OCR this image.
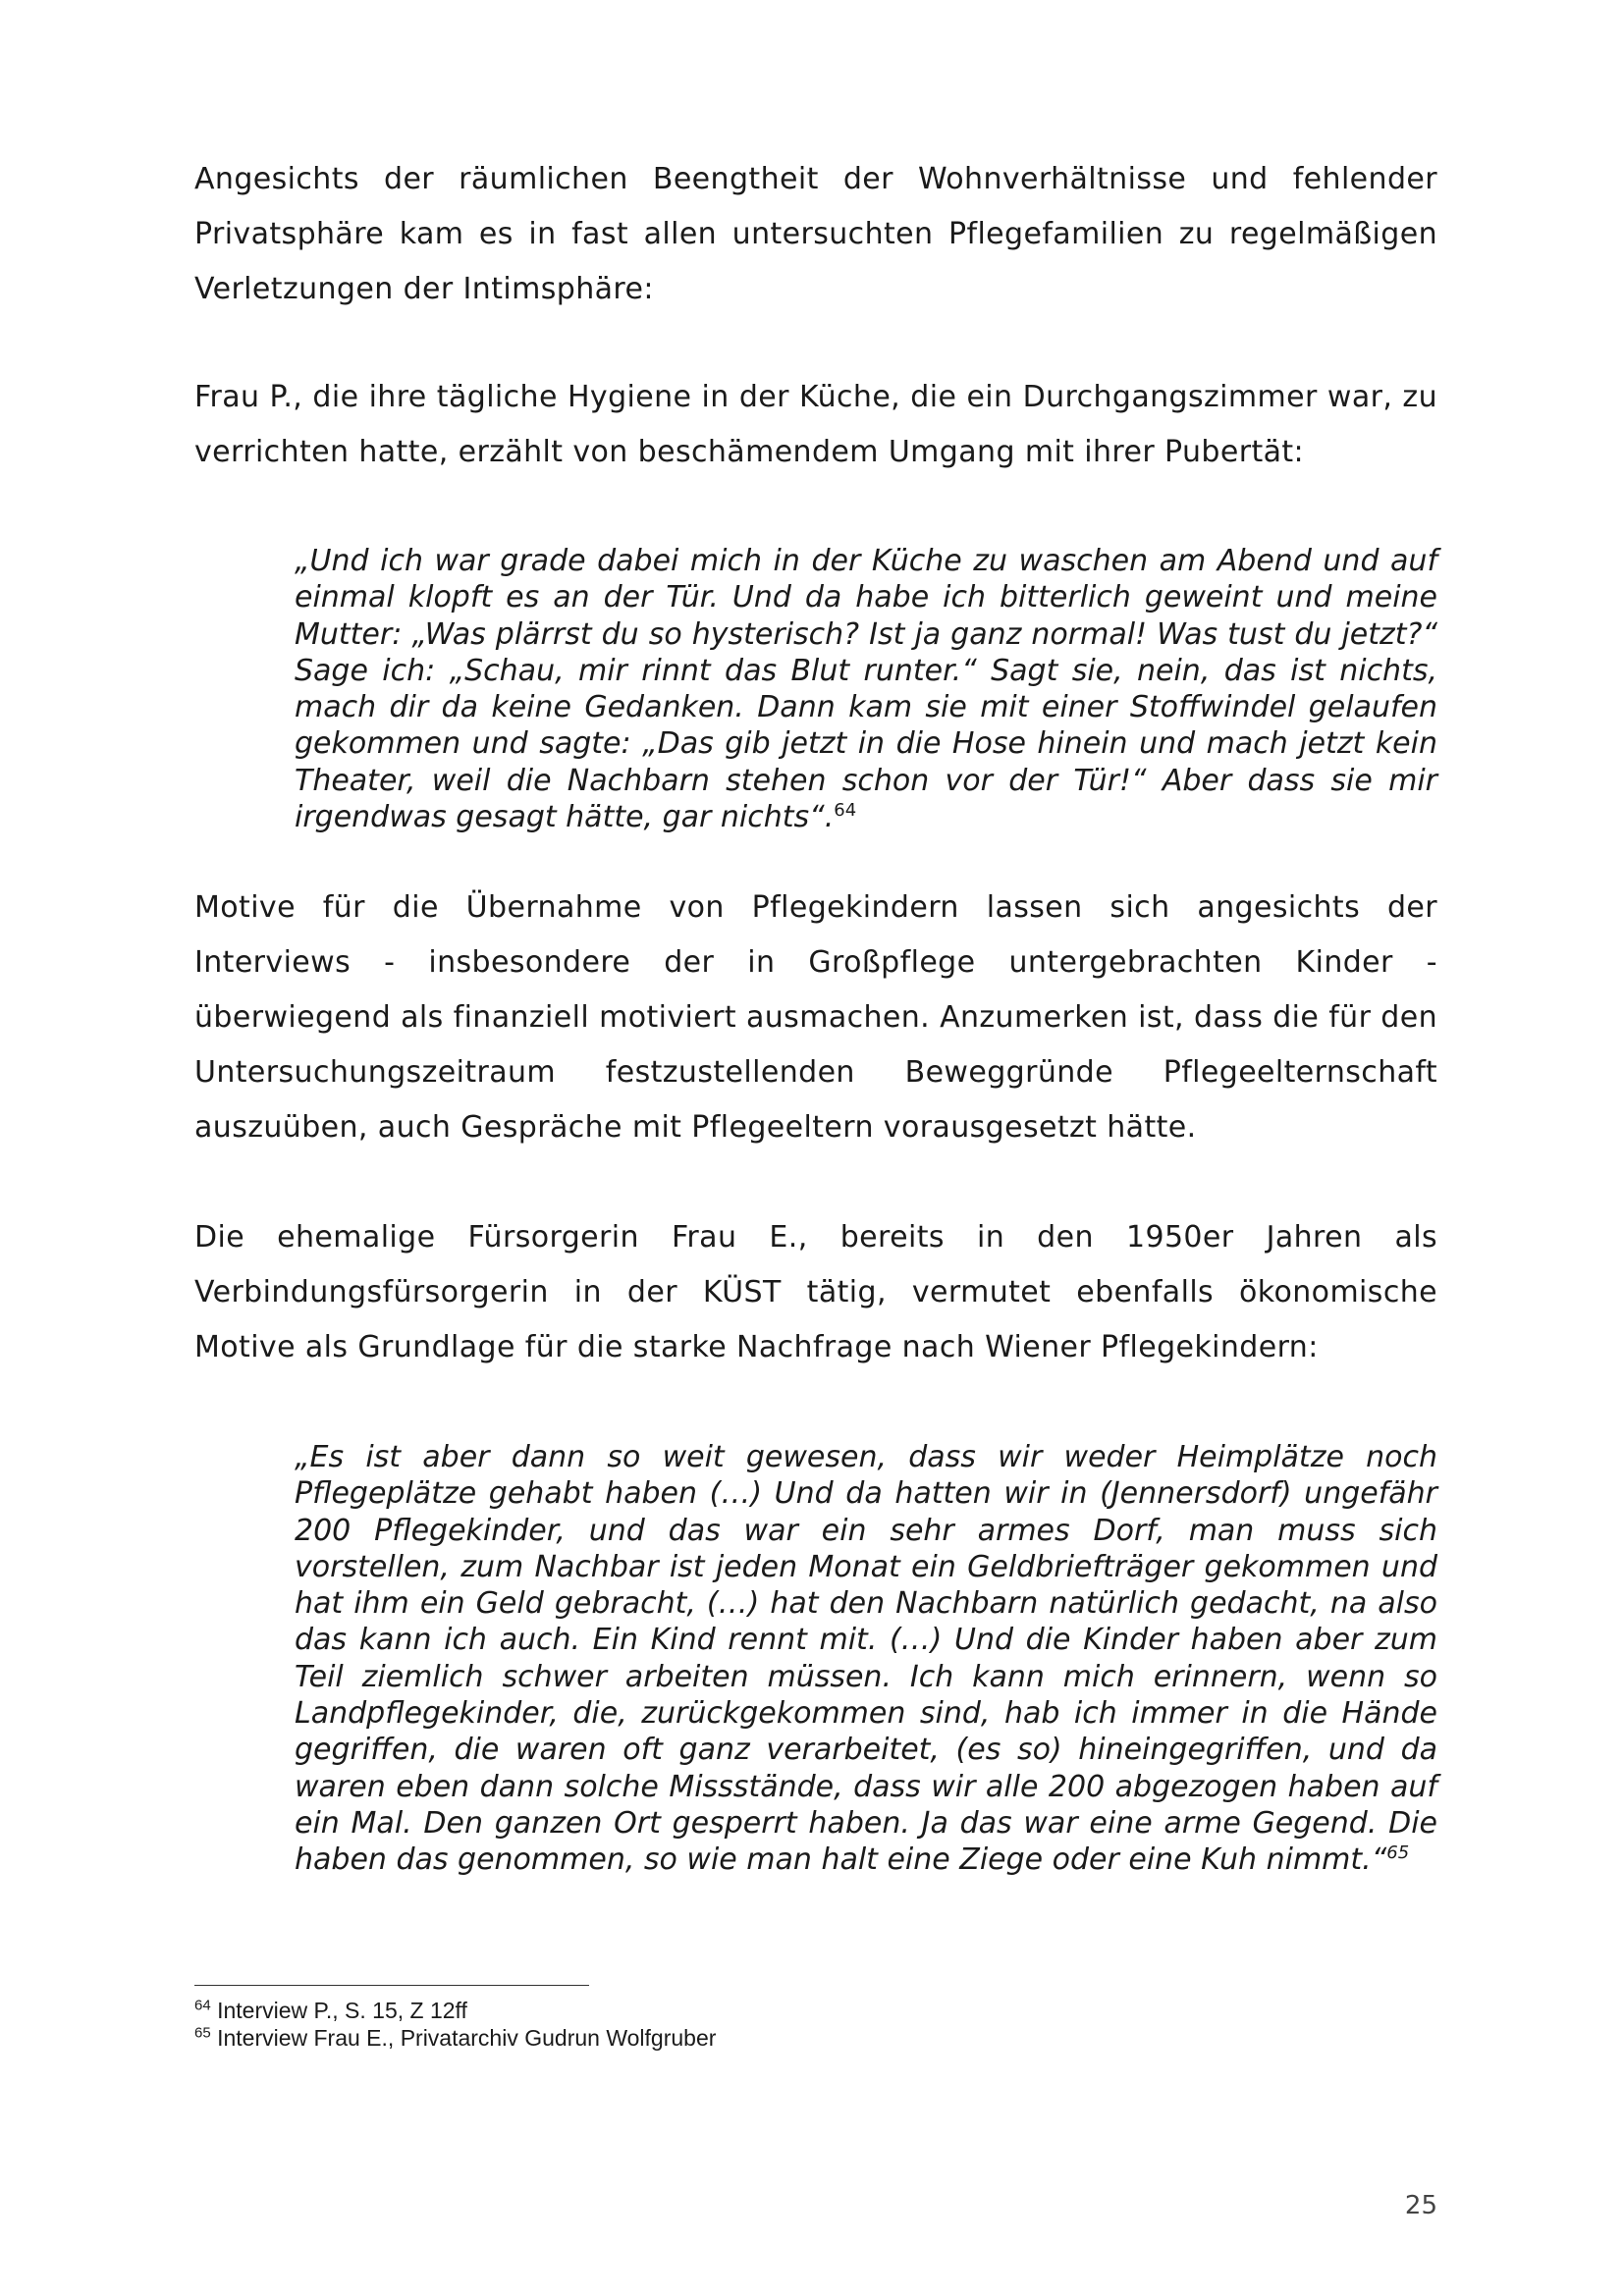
Angesichts der räumlichen Beengtheit der Wohnverhältnisse und fehlender Privatsphäre kam es in fast allen untersuchten Pflegefamilien zu regelmäßigen Verletzungen der Intimsphäre:

Frau P., die ihre tägliche Hygiene in der Küche, die ein Durchgangszimmer war, zu verrichten hatte, erzählt von beschämendem Umgang mit ihrer Pubertät:

„Und ich war grade dabei mich in der Küche zu waschen am Abend und auf einmal klopft es an der Tür. Und da habe ich bitterlich geweint und meine Mutter: „Was plärrst du so hysterisch? Ist ja ganz normal! Was tust du jetzt?“ Sage ich: „Schau, mir rinnt das Blut runter.“ Sagt sie, nein, das ist nichts, mach dir da keine Gedanken. Dann kam sie mit einer Stoffwindel gelaufen gekommen und sagte: „Das gib jetzt in die Hose hinein und mach jetzt kein Theater, weil die Nachbarn stehen schon vor der Tür!“ Aber dass sie mir irgendwas gesagt hätte, gar nichts“.$^{64}$

Motive für die Übernahme von Pflegekindern lassen sich angesichts der Interviews - insbesondere der in Großpflege untergebrachten Kinder - überwiegend als finanziell motiviert ausmachen. Anzumerken ist, dass die für den Untersuchungszeitraum festzustellenden Beweggründe Pflegeelternschaft auszuüben, auch Gespräche mit Pflegeeltern vorausgesetzt hätte.

Die ehemalige Fürsorgerin Frau E., bereits in den 1950er Jahren als Verbindungsfürsorgerin in der KÜST tätig, vermutet ebenfalls ökonomische Motive als Grundlage für die starke Nachfrage nach Wiener Pflegekindern:

„Es ist aber dann so weit gewesen, dass wir weder Heimplätze noch Pflegeplätze gehabt haben (…) Und da hatten wir in (Jennersdorf) ungefähr 200 Pflegekinder, und das war ein sehr armes Dorf, man muss sich vorstellen, zum Nachbar ist jeden Monat ein Geldbriefträger gekommen und hat ihm ein Geld gebracht, (…) hat den Nachbarn natürlich gedacht, na also das kann ich auch. Ein Kind rennt mit. (…) Und die Kinder haben aber zum Teil ziemlich schwer arbeiten müssen. Ich kann mich erinnern, wenn so Landpflegekinder, die, zurückgekommen sind, hab ich immer in die Hände gegriffen, die waren oft ganz verarbeitet, (es so) hineingegriffen, und da waren eben dann solche Missstände, dass wir alle 200 abgezogen haben auf ein Mal. Den ganzen Ort gesperrt haben. Ja das war eine arme Gegend. Die haben das genommen, so wie man halt eine Ziege oder eine Kuh nimmt.“$^{65}$

$^{64}$ Interview P., S. 15, Z 12ff

$^{65}$ Interview Frau E., Privatarchiv Gudrun Wolfgruber

25
